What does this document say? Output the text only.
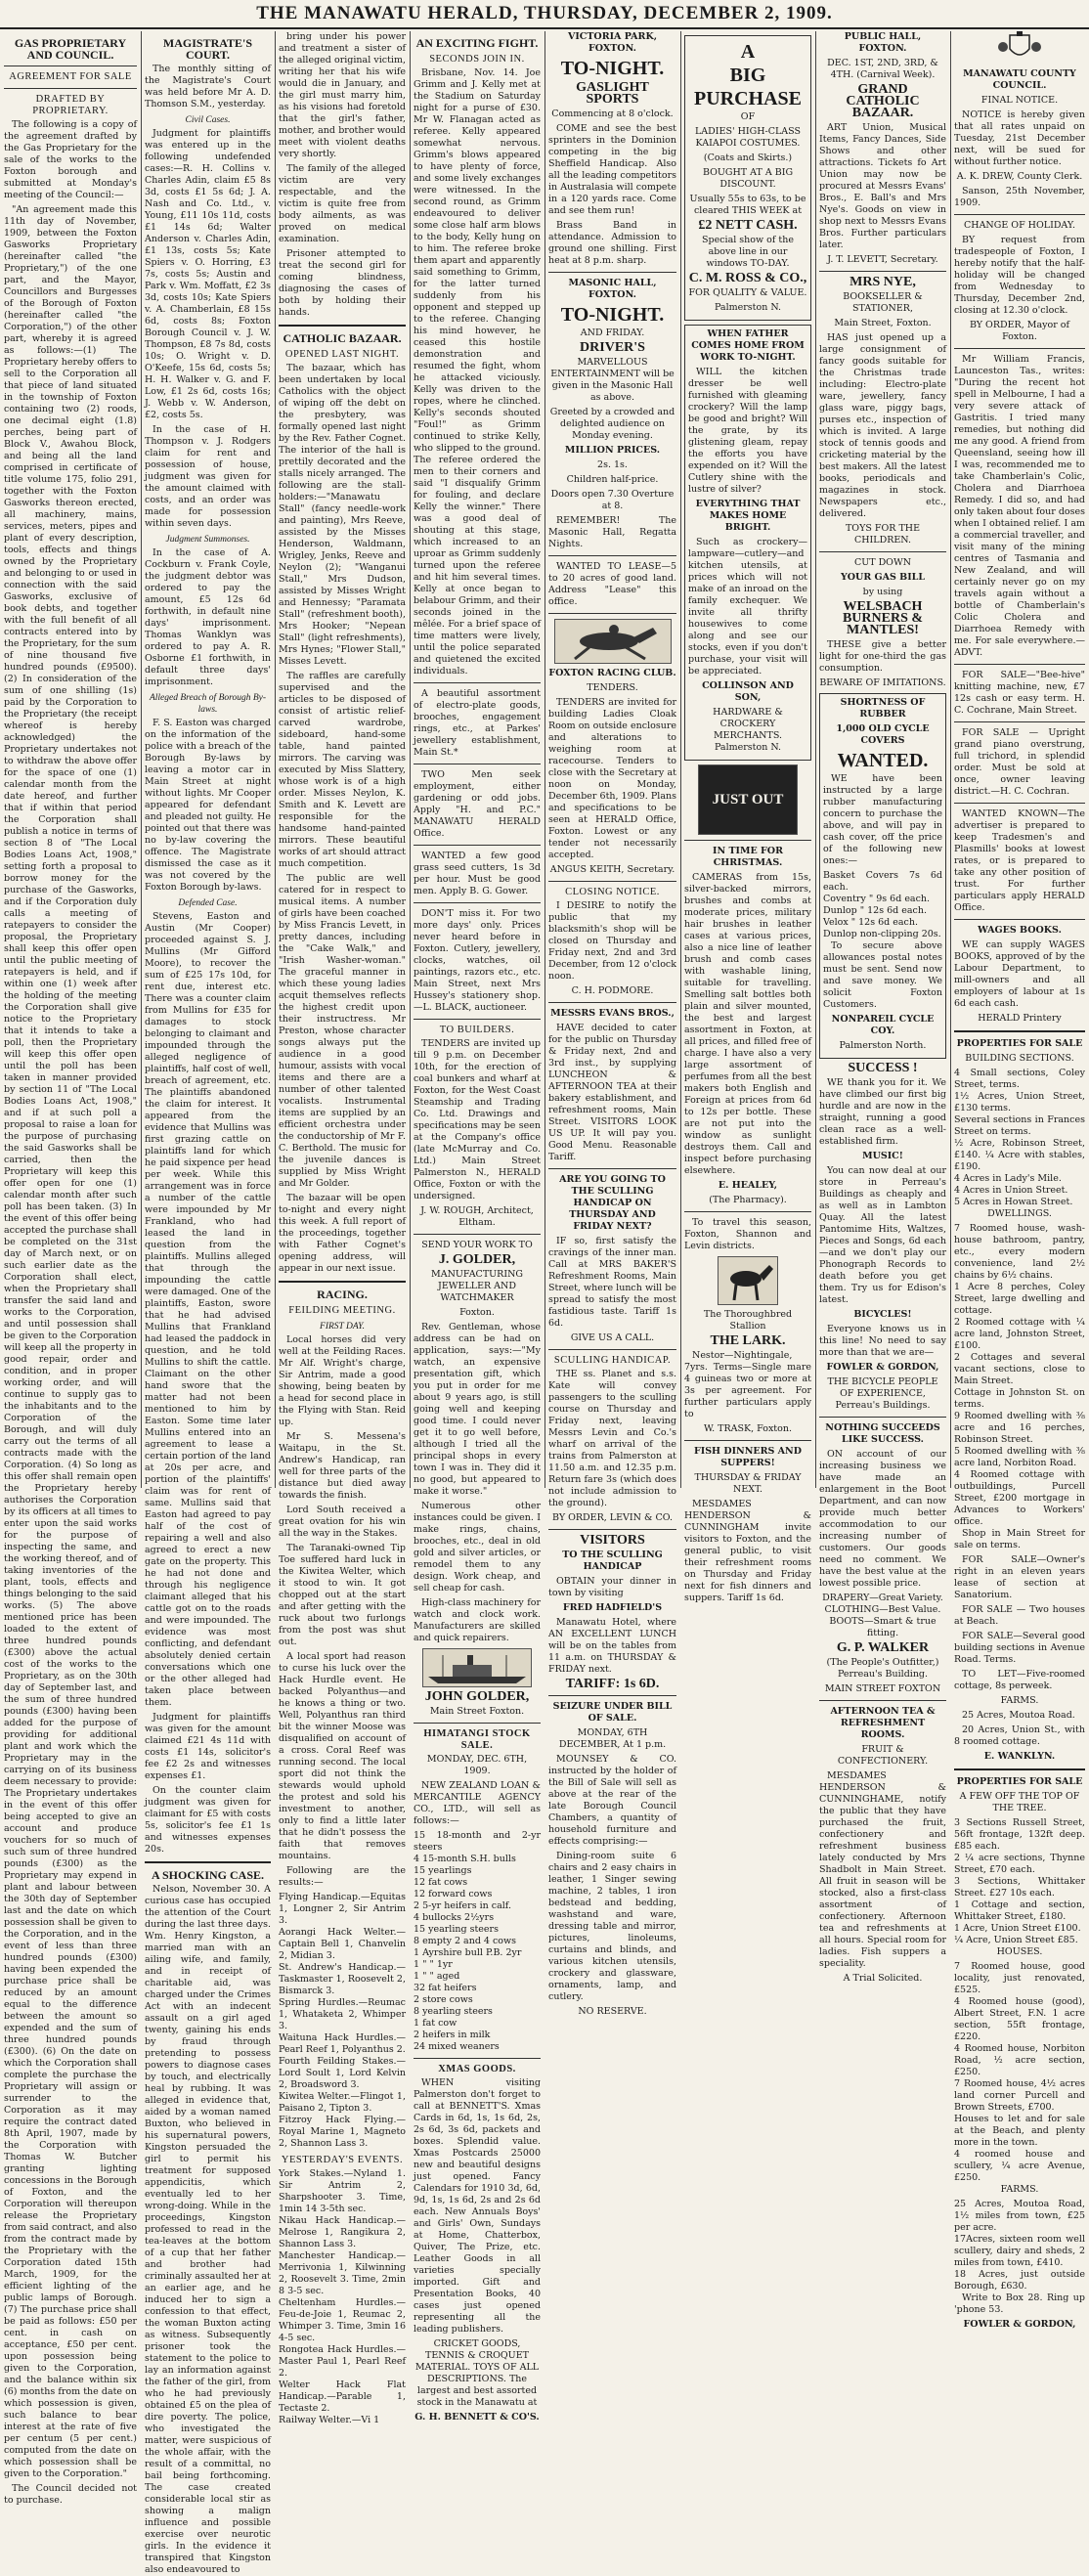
THE MANAWATU HERALD, THURSDAY, DECEMBER 2, 1909.
GAS PROPRIETARY AND COUNCIL.
AGREEMENT FOR SALE
DRAFTED BY PROPRIETARY.

The following is a copy of the agreement drafted by the Gas Proprietary for the sale of the works to the Foxton borough and submitted at Monday's meeting of the Council:—

"An agreement made this 11th day of November, 1909, between the Foxton Gasworks Proprietary (hereinafter called "the Proprietary,") of the one part, and the Mayor, Councillors and Burgesses of the Borough of Foxton (hereinafter called "the Corporation,") of the other part, whereby it is agreed as follows:—(1) The Proprietary hereby offers to sell to the Corporation all that piece of land situated in the township of Foxton containing two (2) roods, one decimal eight (1.8) perches, being part of Block V., Awahou Block, and being all the land comprised in certificate of title volume 175, folio 291, together with the Foxton Gasworks thereon erected, all machinery, mains, services, meters, pipes and plant of every description, tools, effects and things owned by the Proprietary and belonging to or used in connection with the said Gasworks, exclusive of book debts, and together with the full benefit of all contracts entered into by the Proprietary, for the sum of nine thousand five hundred pounds (£9500). (2) In consideration of the sum of one shilling (1s) paid by the Corporation to the Proprietary (the receipt whereof is hereby acknowledged) the Proprietary undertakes not to withdraw the above offer for the space of one (1) calendar month from the date hereof, and further that if within that period the Corporation shall publish a notice in terms of section 8 of "The Local Bodies Loans Act, 1908," setting forth a proposal to borrow money for the purchase of the Gasworks, and if the Corporation duly calls a meeting of ratepayers to consider the proposal, the Proprietary shall keep this offer open until the public meeting of ratepayers is held, and if within one (1) week after the holding of the meeting the Corporation shall give notice to the Proprietary that it intends to take a poll, then the Proprietary will keep this offer open until the poll has been taken in manner provided by section 11 of "The Local Bodies Loans Act, 1908," and if at such poll a proposal to raise a loan for the purpose of purchasing the said Gasworks shall be carried, then the Proprietary will keep this offer open for one (1) calendar month after such poll has been taken. (3) In the event of this offer being accepted the purchase shall be completed on the 31st day of March next, or on such earlier date as the Corporation shall elect, when the Proprietary shall transfer the said land and works to the Corporation, and until possession shall be given to the Corporation will keep all the property in good repair, order and condition, and in proper working order, and will continue to supply gas to the inhabitants and to the Corporation of the Borough, and will duly carry out the terms of all contracts made with the Corporation. (4) So long as this offer shall remain open the Proprietary hereby authorises the Corporation by its officers at all times to enter upon the said works for the purpose of inspecting the same, and the working thereof, and of taking inventories of the plant, tools, effects and things belonging to the said works. (5) The above mentioned price has been loaded to the extent of three hundred pounds (£300) above the actual cost of the works to the Proprietary, as on the 30th day of September last, and the sum of three hundred pounds (£300) having been added for the purpose of providing for additional plant and work which the Proprietary may in the carrying on of its business deem necessary to provide: The Proprietary undertakes in the event of this offer being accepted to give an account and produce vouchers for so much of such sum of three hundred pounds (£300) as the Proprietary may expend in plant and labour between the 30th day of September last and the date on which possession shall be given to the Corporation, and in the event of less than three hundred pounds (£300) having been expended the purchase price shall be reduced by an amount equal to the difference between the amount so expended and the sum of three hundred pounds (£300). (6) On the date on which the Corporation shall complete the purchase the Proprietary will assign or surrender to the Corporation as it may require the contract dated 8th April, 1907, made by the Corporation with Thomas W. Butcher granting lighting concessions in the Borough of Foxton, and the Corporation will thereupon release the Proprietary from said contract, and also from the contract made by the Proprietary with the Corporation dated 15th March, 1909, for the efficient lighting of the public lamps of Borough. (7) The purchase price shall be paid as follows: £50 per cent. in cash on acceptance, £50 per cent. upon possession being given to the Corporation, and the balance within six (6) months from the date on which possession is given, such balance to bear interest at the rate of five per centum (5 per cent.) computed from the date on which possession shall be given to the Corporation."

The Council decided not to purchase.

MAGISTRATE'S COURT.

The monthly sitting of the Magistrate's Court was held before Mr A. D. Thomson S.M., yesterday.

Civil Cases.

Judgment for plaintiffs was entered up in the following undefended cases:—R. H. Collins v. Charles Adin, claim £5 8s 3d, costs £1 5s 6d; J. A. Nash and Co. Ltd., v. Young, £11 10s 11d, costs £1 14s 6d; Walter Anderson v. Charles Adin, £1 13s, costs 5s; Kate Spiers v. O. Horring, £3 7s, costs 5s; Austin and Park v. Wm. Moffatt, £2 3s 3d, costs 10s; Kate Spiers v. A. Chamberlain, £8 15s 6d, costs 8s; Foxton Borough Council v. J. W. Thompson, £8 7s 8d, costs 10s; O. Wright v. D. O'Keefe, 15s 6d, costs 5s; H. H. Walker v. G. and F. Low, £1 2s 6d, costs 16s; J. Webb v. W. Anderson, £2, costs 5s.

In the case of H. Thompson v. J. Rodgers claim for rent and possession of house, judgment was given for the amount claimed with costs, and an order was made for possession within seven days.

Judgment Summonses.

In the case of A. Cockburn v. Frank Coyle, the judgment debtor was ordered to pay the amount, £5 12s 6d forthwith, in default nine days' imprisonment. Thomas Wanklyn was ordered to pay A. R. Osborne £1 forthwith, in default three days' imprisonment.

Alleged Breach of Borough By-laws.

F. S. Easton was charged on the information of the police with a breach of the Borough By-laws by leaving a motor car in Main Street at night without lights. Mr Cooper appeared for defendant and pleaded not guilty. He pointed out that there was no by-law covering the offence. The Magistrate dismissed the case as it was not covered by the Foxton Borough by-laws.

Defended Case.

Stevens, Easton and Austin (Mr Cooper) proceeded against S. J. Mullins (Mr Gifford Moore), to recover the sum of £25 17s 10d, for rent due, interest etc. There was a counter claim from Mullins for £35 for damages to stock belonging to claimant and impounded through the alleged negligence of plaintiffs, half cost of well, breach of agreement, etc. The plaintiffs abandoned the claim for interest. It appeared from the evidence that Mullins was first grazing cattle on plaintiffs land for which he paid sixpence per head per week. While this arrangement was in force a number of the cattle were impounded by Mr Frankland, who had leased the land in question from the plaintiffs. Mullins alleged that through the impounding the cattle were damaged. One of the plaintiffs, Easton, swore that he had advised Mullins that Frankland had leased the paddock in question, and he told Mullins to shift the cattle. Claimant on the other hand swore that the matter had not been mentioned to him by Easton. Some time later Mullins entered into an agreement to lease a certain portion of the land at 20s per acre, and portion of the plaintiffs' claim was for rent of same. Mullins said that Easton had agreed to pay half of the cost of repairing a well and also agreed to erect a new gate on the property. This he had not done and through his negligence claimant alleged that his cattle got on to the roads and were impounded. The evidence was most conflicting, and defendant absolutely denied certain conversations which one or the other alleged had taken place between them.

Judgment for plaintiffs was given for the amount claimed £21 4s 11d with costs £1 14s, solicitor's fee £2 2s and witnesses expenses £1.

On the counter claim judgment was given for claimant for £5 with costs 5s, solicitor's fee £1 1s and witnesses expenses 20s.

A SHOCKING CASE.

Nelson, November 30. A curious case has occupied the attention of the Court during the last three days. Wm. Henry Kingston, a married man with an ailing wife, and family, and in receipt of charitable aid, was charged under the Crimes Act with an indecent assault on a girl aged twenty, gaining his ends by fraud through pretending to possess powers to diagnose cases by touch, and electrically heal by rubbing. It was alleged in evidence that, aided by a woman named Buxton, who believed in his supernatural powers, Kingston persuaded the girl to permit his treatment for supposed appendicitis, which eventually led to her wrong-doing. While in the proceedings, Kingston professed to read in the tea-leaves at the bottom of a cup that her father and brother had criminally assaulted her at an earlier age, and he induced her to sign a confession to that effect, the woman Buxton acting as witness. Subsequently prisoner took the statement to the police to lay an information against the father of the girl, from who he had previously obtained £5 on the plea of dire poverty. The police, who investigated the matter, were suspicious of the whole affair, with the result of a committal, no bail being forthcoming. The case created considerable local stir as showing a malign influence and possible exercise over neurotic girls. In the evidence it transpired that Kingston also endeavoured to

bring under his power and treatment a sister of the alleged original victim, writing her that his wife would die in January, and the girl must marry him, as his visions had foretold that the girl's father, mother, and brother would meet with violent deaths very shortly.

The family of the alleged victim are very respectable, and the victim is quite free from body ailments, as was proved on medical examination.

Prisoner attempted to treat the second girl for coming blindness, diagnosing the cases of both by holding their hands.

CATHOLIC BAZAAR.
OPENED LAST NIGHT.

The bazaar, which has been undertaken by local Catholics with the object of wiping off the debt on the presbytery, was formally opened last night by the Rev. Father Cognet. The interior of the hall is prettily decorated and the stalls nicely arranged. The following are the stall-holders:—"Manawatu Stall" (fancy needle-work and painting), Mrs Reeve, assisted by the Misses Henderson, Waldmann, Wrigley, Jenks, Reeve and Neylon (2); "Wanganui Stall," Mrs Dudson, assisted by Misses Wright and Hennessy; "Paramata Stall" (refreshment booth), Mrs Hooker; "Nepean Stall" (light refreshments), Mrs Hynes; "Flower Stall," Misses Levett.

The raffles are carefully supervised and the articles to be disposed of consist of artistic relief-carved wardrobe, sideboard, hand-some table, hand painted mirrors. The carving was executed by Miss Slattery, whose work is of a high order. Misses Neylon, K. Smith and K. Levett are responsible for the handsome hand-painted mirrors. These beautiful works of art should attract much competition.

The public are well catered for in respect to musical items. A number of girls have been coached by Miss Francis Levett, in pretty dances, including the "Cake Walk," and "Irish Washer-woman." The graceful manner in which these young ladies acquit themselves reflects the highest credit upon their instructress. Mr Preston, whose character songs always put the audience in a good humour, assists with vocal items and there are a number of other talented vocalists. Instrumental items are supplied by an efficient orchestra under the conductorship of Mr F. C. Berthold. The music for the juvenile dances is supplied by Miss Wright and Mr Golder.

The bazaar will be open to-night and every night this week. A full report of the proceedings, together with Father Cognet's opening address, will appear in our next issue.

RACING.
FEILDING MEETING.
FIRST DAY.

Local horses did very well at the Feilding Races. Mr Alf. Wright's charge, Sir Antrim, made a good showing, being beaten by a head for second place in the Flying with Stan. Reid up.

Mr S. Messena's Waitapu, in the St. Andrew's Handicap, ran well for three parts of the distance but died away towards the finish.

Lord South received a great ovation for his win all the way in the Stakes.

The Taranaki-owned Tip Toe suffered hard luck in the Kiwitea Welter, which it stood to win. It got chopped out at the start and after getting with the ruck about two furlongs from the post was shut out.

A local sport had reason to curse his luck over the Hack Hurdle event. He backed Polyanthus—and he knows a thing or two. Well, Polyanthus ran third bit the winner Moose was disqualified on account of a cross. Coral Reef was running second. The local sport did not think the stewards would uphold the protest and sold his investment to another, only to find a little later that he didn't possess the faith that removes mountains.

Following are the results:—

Flying Handicap.—Equitas 1, Longner 2, Sir Antrim 3.
Aorangi Hack Welter.—Captain Bell 1, Chanvelin 2, Midian 3.
St. Andrew's Handicap.—Taskmaster 1, Roosevelt 2, Bismarck 3.
Spring Hurdles.—Reumac 1, Whataketa 2, Whimper 3.
Waituna Hack Hurdles.—Pearl Reef 1, Polyanthus 2.
Fourth Feilding Stakes.—Lord Soult 1, Lord Kelvin 2, Broadsword 3.
Kiwitea Welter.—Flingot 1, Paisano 2, Tipton 3.
Fitzroy Hack Flying.—Royal Marine 1, Magneto 2, Shannon Lass 3.
YESTERDAY'S EVENTS.
York Stakes.—Nyland 1. Sir Antrim 2, Sharpshooter 3. Time, 1min 14 3-5th sec.
Nikau Hack Handicap.—Melrose 1, Rangikura 2, Shannon Lass 3.
Manchester Handicap.—Merrivonia 1, Kilwinning 2, Roosevelt 3. Time, 2min 8 3-5 sec.
Cheltenham Hurdles.—Feu-de-Joie 1, Reumac 2, Whimper 3. Time, 3min 16 4-5 sec.
Rongotea Hack Hurdles.—Master Paul 1, Pearl Reef 2.
Welter Hack Flat Handicap.—Parable 1, Tectaste 2.
Railway Welter.—Vi 1
AN EXCITING FIGHT.
SECONDS JOIN IN.

Brisbane, Nov. 14. Joe Grimm and J. Kelly met at the Stadium on Saturday night for a purse of £30. Mr W. Flanagan acted as referee. Kelly appeared somewhat nervous. Grimm's blows appeared to have plenty of force, and some lively exchanges were witnessed. In the second round, as Grimm endeavoured to deliver some close half arm blows to the body, Kelly hung on to him. The referee broke them apart and apparently said something to Grimm, for the latter turned suddenly from his opponent and stepped up to the referee. Changing his mind however, he ceased this hostile demonstration and resumed the fight, whom he attacked viciously. Kelly was driven to the ropes, where he clinched. Kelly's seconds shouted "Foul!" as Grimm continued to strike Kelly, who slipped to the ground. The referee ordered the men to their corners and said "I disqualify Grimm for fouling, and declare Kelly the winner." There was a good deal of shouting at this stage, which increased to an uproar as Grimm suddenly turned upon the referee and hit him several times. Kelly at once began to belabour Grimm, and their seconds joined in the mêlée. For a brief space of time matters were lively, until the police separated and quietened the excited individuals.

A beautiful assortment of electro-plate goods, brooches, engagement rings, etc., at Parkes' jewellery establishment, Main St.*

TWO Men seek employment, either gardening or odd jobs. Apply "H. and P.C." MANAWATU HERALD Office.

WANTED a few good grass seed cutters, 1s 3d per hour. Must be good men. Apply B. G. Gower.

DON'T miss it. For two more days' only. Prices never heard before in Foxton. Cutlery, jewellery, clocks, watches, oil paintings, razors etc., etc. Main Street, next Mrs Hussey's stationery shop.—L. BLACK, auctioneer.

TO BUILDERS.

TENDERS are invited up till 9 p.m. on December 10th, for the erection of coal bunkers and wharf at Foxton, for the West Coast Steamship and Trading Co. Ltd. Drawings and specifications may be seen at the Company's office (late McMurray and Co. Ltd.) Main Street Palmerston N., HERALD Office, Foxton or with the undersigned.

J. W. ROUGH, Architect, Eltham.

SEND YOUR WORK TO

J. GOLDER,

MANUFACTURING JEWELLER AND WATCHMAKER

Foxton.

Rev. Gentleman, whose address can be had on application, says:—"My watch, an expensive presentation gift, which you put in order for me about 9 years ago, is still going well and keeping good time. I could never get it to go well before, although I tried all the principal shops in every town I was in. They did it no good, but appeared to make it worse."

Numerous other instances could be given. I make rings, chains, brooches, etc., deal in old gold and silver articles, or remodel them to any design. Work cheap, and sell cheap for cash.

High-class machinery for watch and clock work. Manufacturers are skilled and quick repairers.

JOHN GOLDER,

Main Street Foxton.

HIMATANGI STOCK SALE.

MONDAY, DEC. 6TH, 1909.

NEW ZEALAND LOAN & MERCANTILE AGENCY CO., LTD., will sell as follows:—

15 18-month and 2-yr steers
4 15-month S.H. bulls
15 yearlings
12 fat cows
12 forward cows
2 5-yr heifers in calf.
4 bullocks 2½yrs
15 yearling steers
8 empty 2 and 4 cows
1 Ayrshire bull P.B. 2yr
1 " " 1yr
1 " " aged
32 fat heifers
2 store cows
8 yearling steers
1 fat cow
2 heifers in milk
24 mixed weaners
XMAS GOODS.

WHEN visiting Palmerston don't forget to call at BENNETT'S. Xmas Cards in 6d, 1s, 1s 6d, 2s, 2s 6d, 3s 6d, packets and boxes. Splendid value. Xmas Postcards 25000 new and beautiful designs just opened. Fancy Calendars for 1910 3d, 6d, 9d, 1s, 1s 6d, 2s and 2s 6d each. New Annuals Boys' and Girls' Own, Sundays at Home, Chatterbox, Quiver, The Prize, etc. Leather Goods in all varieties specially imported. Gift and Presentation Books, 40 cases just opened representing all the leading publishers.

CRICKET GOODS, TENNIS & CROQUET MATERIAL. TOYS OF ALL DESCRIPTIONS. The largest and best assorted stock in the Manawatu at

G. H. BENNETT & CO'S.

VICTORIA PARK, FOXTON.

TO-NIGHT.
GASLIGHT SPORTS

Commencing at 8 o'clock.

COME and see the best sprinters in the Dominion competing in the big Sheffield Handicap. Also all the leading competitors in Australasia will compete in a 120 yards race. Come and see them run!

Brass Band in attendance. Admission to ground one shilling. First heat at 8 p.m. sharp.

MASONIC HALL, FOXTON.

TO-NIGHT.

AND FRIDAY.

DRIVER'S

MARVELLOUS ENTERTAINMENT will be given in the Masonic Hall as above.

Greeted by a crowded and delighted audience on Monday evening.

MILLION PRICES.

2s. 1s.

Children half-price.

Doors open 7.30 Overture at 8.

REMEMBER! The Masonic Hall, Regatta Nights.

WANTED TO LEASE—5 to 20 acres of good land. Address "Lease" this office.

FOXTON RACING CLUB.

TENDERS.

TENDERS are invited for building Ladies Cloak Room on outside enclosure and alterations to weighing room at racecourse. Tenders to close with the Secretary at noon on Monday, December 6th, 1909. Plans and specifications to be seen at HERALD Office, Foxton. Lowest or any tender not necessarily accepted.

ANGUS KEITH, Secretary.

CLOSING NOTICE.

I DESIRE to notify the public that my blacksmith's shop will be closed on Thursday and Friday next, 2nd and 3rd December, from 12 o'clock noon.

C. H. PODMORE.

MESSRS EVANS BROS.,

HAVE decided to cater for the public on Thursday & Friday next, 2nd and 3rd inst., by supplying LUNCHEON & AFTERNOON TEA at their bakery establishment, and refreshment rooms, Main Street. VISITORS LOOK US UP. It will pay you. Good Menu. Reasonable Tariff.

ARE YOU GOING TO THE SCULLING HANDICAP ON THURSDAY AND FRIDAY NEXT?

IF so, first satisfy the cravings of the inner man. Call at MRS BAKER'S Refreshment Rooms, Main Street, where lunch will be spread to satisfy the most fastidious taste. Tariff 1s 6d.

GIVE US A CALL.

SCULLING HANDICAP.

THE ss. Planet and s.s. Kate will convey passengers to the sculling course on Thursday and Friday next, leaving Messrs Levin and Co.'s wharf on arrival of the trains from Palmerston at 11.50 a.m. and 12.35 p.m. Return fare 3s (which does not include admission to the ground).

BY ORDER, LEVIN & CO.

VISITORS

TO THE SCULLING HANDICAP

OBTAIN your dinner in town by visiting

FRED HADFIELD'S

Manawatu Hotel, where AN EXCELLENT LUNCH will be on the tables from 11 a.m. on THURSDAY & FRIDAY next.

TARIFF: 1s 6D.

SEIZURE UNDER BILL OF SALE.

MONDAY, 6TH DECEMBER, At 1 p.m.

MOUNSEY & CO. instructed by the holder of the Bill of Sale will sell as above at the rear of the late Borough Council Chambers, a quantity of household furniture and effects comprising:—

Dining-room suite 6 chairs and 2 easy chairs in leather, 1 Singer sewing machine, 2 tables, 1 iron bedstead and bedding, washstand and ware, dressing table and mirror, pictures, linoleums, curtains and blinds, and various kitchen utensils, crockery and glassware, ornaments, lamp, and cutlery.

NO RESERVE.

A
BIG
PURCHASE

OF

LADIES' HIGH-CLASS KAIAPOI COSTUMES.

(Coats and Skirts.)

BOUGHT AT A BIG DISCOUNT.

Usually 55s to 63s, to be cleared THIS WEEK at

£2 NETT CASH.

Special show of the above line in our windows TO-DAY.

C. M. ROSS & CO.,

FOR QUALITY & VALUE.

Palmerston N.

WHEN FATHER COMES HOME FROM WORK TO-NIGHT.

WILL the kitchen dresser be well furnished with gleaming crockery? Will the lamp be good and bright? Will the grate, by its glistening gleam, repay the efforts you have expended on it? Will the Cutlery shine with the lustre of silver?

EVERYTHING THAT MAKES HOME BRIGHT.

Such as crockery—lampware—cutlery—and kitchen utensils, at prices which will not make of an inroad on the family exchequer. We invite all thrifty housewives to come along and see our stocks, even if you don't purchase, your visit will be appreciated.

COLLINSON AND SON,

HARDWARE & CROCKERY MERCHANTS. Palmerston N.

JUST OUT

IN TIME FOR CHRISTMAS.

CAMERAS from 15s, silver-backed mirrors, brushes and combs at moderate prices, military hair brushes in leather cases at various prices, also a nice line of leather brush and comb cases with washable lining, suitable for travelling. Smelling salt bottles both plain and silver mounted, the best and largest assortment in Foxton, at all prices, and filled free of charge. I have also a very large assortment of perfumes from all the best makers both English and Foreign at prices from 6d to 12s per bottle. These are not put into the window as sunlight destroys them. Call and inspect before purchasing elsewhere.

E. HEALEY,

(The Pharmacy).

To travel this season, Foxton, Shannon and Levin districts.

The Thoroughbred Stallion

THE LARK.

Nestor—Nightingale, 7yrs. Terms—Single mare 4 guineas two or more at 3s per agreement. For further particulars apply to

W. TRASK, Foxton.

FISH DINNERS AND SUPPERS!

THURSDAY & FRIDAY NEXT.

MESDAMES HENDERSON & CUNNINGHAM invite visitors to Foxton, and the general public, to visit their refreshment rooms on Thursday and Friday next for fish dinners and suppers. Tariff 1s 6d.

PUBLIC HALL, FOXTON.

DEC. 1ST, 2ND, 3RD, & 4TH. (Carnival Week).

GRAND CATHOLIC BAZAAR.

ART Union, Musical Items, Fancy Dances, Side Shows and other attractions. Tickets fo Art Union may now be procured at Messrs Evans' Bros., E. Ball's and Mrs Nye's. Goods on view in shop next to Messrs Evans Bros. Further particulars later.

J. T. LEVETT, Secretary.

MRS NYE,

BOOKSELLER & STATIONER,

Main Street, Foxton.

HAS just opened up a large consignment of fancy goods suitable for the Christmas trade including: Electro-plate ware, jewellery, fancy glass ware, piggy bags, purses etc., inspection of which is invited. A large stock of tennis goods and cricketing material by the best makers. All the latest books, periodicals and magazines in stock. Newspapers etc., delivered.

TOYS FOR THE CHILDREN.

CUT DOWN

YOUR GAS BILL

by using

WELSBACH BURNERS & MANTLES!

THESE give a better light for one-third the gas consumption.

BEWARE OF IMITATIONS.

SHORTNESS OF RUBBER

1,000 OLD CYCLE COVERS

WANTED.

WE have been instructed by a large rubber manufacturing concern to purchase the above, and will pay in cash cover, off the price of the following new ones:—

Basket Covers 7s 6d each.
Coventry " 9s 6d each.
Dunlop " 12s 6d each.
Velox " 12s 6d each.
Dunlop non-clipping 20s.

To secure above allowances postal notes must be sent. Send now and save money. We solicit Foxton Customers.

NONPAREIL CYCLE COY.

Palmerston North.

SUCCESS !

WE thank you for it. We have climbed our first big hurdle and are now in the straight, running a good clean race as a well-established firm.

MUSIC!

You can now deal at our store in Perreau's Buildings as cheaply and as well as in Lambton Quay. All the latest Pantomime Hits, Waltzes, Pieces and Songs, 6d each—and we don't play our Phonograph Records to death before you get them. Try us for Edison's latest.

BICYCLES!

Everyone knows us in this line! No need to say more than that we are—

FOWLER & GORDON,

THE BICYCLE PEOPLE OF EXPERIENCE, Perreau's Buildings.

NOTHING SUCCEEDS LIKE SUCCESS.

ON account of our increasing business we have made an enlargement in the Boot Department, and can now provide much better accommodation to our increasing number of customers. Our goods need no comment. We have the best value at the lowest possible price.

DRAPERY—Great Variety. CLOTHING—Best Value. BOOTS—Smart & true fitting.

G. P. WALKER

(The People's Outfitter,) Perreau's Building.

MAIN STREET FOXTON

AFTERNOON TEA & REFRESHMENT ROOMS.

FRUIT & CONFECTIONERY.

MESDAMES HENDERSON & CUNNINGHAME, notify the public that they have purchased the fruit, confectionery and refreshment business lately conducted by Mrs Shadbolt in Main Street. All fruit in season will be stocked, also a first-class assortment of confectionery. Afternoon tea and refreshments at all hours. Special room for ladies. Fish suppers a speciality.

A Trial Solicited.

MANAWATU COUNTY COUNCIL.

FINAL NOTICE.

NOTICE is hereby given that all rates unpaid on Tuesday, 21st December next, will be sued for without further notice.

A. K. DREW, County Clerk.

Sanson, 25th November, 1909.

CHANGE OF HOLIDAY.

BY request from tradespeople of Foxton, I hereby notify that the half-holiday will be changed from Wednesday to Thursday, December 2nd, closing at 12.30 o'clock.

BY ORDER, Mayor of Foxton.

Mr William Francis, Launceston Tas., writes: "During the recent hot spell in Melbourne, I had a very severe attack of Gastritis. I tried many remedies, but nothing did me any good. A friend from Queensland, seeing how ill I was, recommended me to take Chamberlain's Colic, Cholera and Diarrhoea Remedy. I did so, and had only taken about four doses when I obtained relief. I am a commercial traveller, and visit many of the mining centres of Tasmania and New Zealand, and will certainly never go on my travels again without a bottle of Chamberlain's Colic Cholera and Diarrhoea Remedy with me. For sale everywhere.—ADVT.

FOR SALE—"Bee-hive" knitting machine, new, £7 12s cash or easy term. H. C. Cochrane, Main Street.

FOR SALE — Upright grand piano overstrung, full trichord, in splendid order. Must be sold at once, owner leaving district.—H. C. Cochran.

WANTED KNOWN—The advertiser is prepared to keep Tradesmen's and Plasmills' books at lowest rates, or is prepared to take any other position of trust. For further particulars apply HERALD Office.

WAGES BOOKS.

WE can supply WAGES BOOKS, approved of by the Labour Department, to mill-owners and all employers of labour at 1s 6d each cash.

HERALD Printery

PROPERTIES FOR SALE

BUILDING SECTIONS.

4 Small sections, Coley Street, terms.
1½ Acres, Union Street, £130 terms.
Several sections in Frances Street on terms.
½ Acre, Robinson Street, £140. ¼ Acre with stables, £190.
4 Acres in Lady's Mile.
4 Acres in Union Street.
5 Acres in Howan Street.

DWELLINGS.

7 Roomed house, wash-house bathroom, pantry, etc., every modern convenience, land 2½ chains by 6½ chains.
1 Acre 8 perches, Coley Street, large dwelling and cottage.
2 Roomed cottage with ¼ acre land, Johnston Street, £100.
2 Cottages and several vacant sections, close to Main Street.
Cottage in Johnston St. on terms.
9 Roomed dwelling with ⅜ acre and 16 perches, Robinson Street.
5 Roomed dwelling with ⅜ acre land, Norbiton Road.
4 Roomed cottage with outbuildings, Purcell Street, £200 mortgage in Advances to Workers' office.

Shop in Main Street for sale on terms.

FOR SALE—Owner's right in an eleven years lease of section at Sanatorium.

FOR SALE — Two houses at Beach.

FOR SALE—Several good building sections in Avenue Road. Terms.

TO LET—Five-roomed cottage, 8s perweek.

FARMS.

25 Acres, Moutoa Road.

20 Acres, Union St., with 8 roomed cottage.

E. WANKLYN.

PROPERTIES FOR SALE

A FEW OFF THE TOP OF THE TREE.

3 Sections Russell Street, 56ft frontage, 132ft deep. £85 each.
2 ¼ acre sections, Thynne Street, £70 each.
3 Sections, Whittaker Street. £27 10s each.
1 Cottage and section, Whittaker Street, £180.
1 Acre, Union Street £100.
¼ Acre, Union Street £85.

HOUSES.

7 Roomed house, good locality, just renovated, £525.
4 Roomed house (good), Albert Street, F.N. 1 acre section, 55ft frontage, £220.
4 Roomed house, Norbiton Road, ½ acre section, £250.
7 Roomed house, 4½ acres land corner Purcell and Brown Streets, £700.
Houses to let and for sale at the Beach, and plenty more in the town.
4 roomed house and scullery, ¼ acre Avenue, £250.

FARMS.

25 Acres, Moutoa Road, 1½ miles from town, £25 per acre.
17Acres, sixteen room well scullery, dairy and sheds, 2 miles from town, £410.
18 Acres, just outside Borough, £630.

Write to Box 28. Ring up 'phone 53.

FOWLER & GORDON,
